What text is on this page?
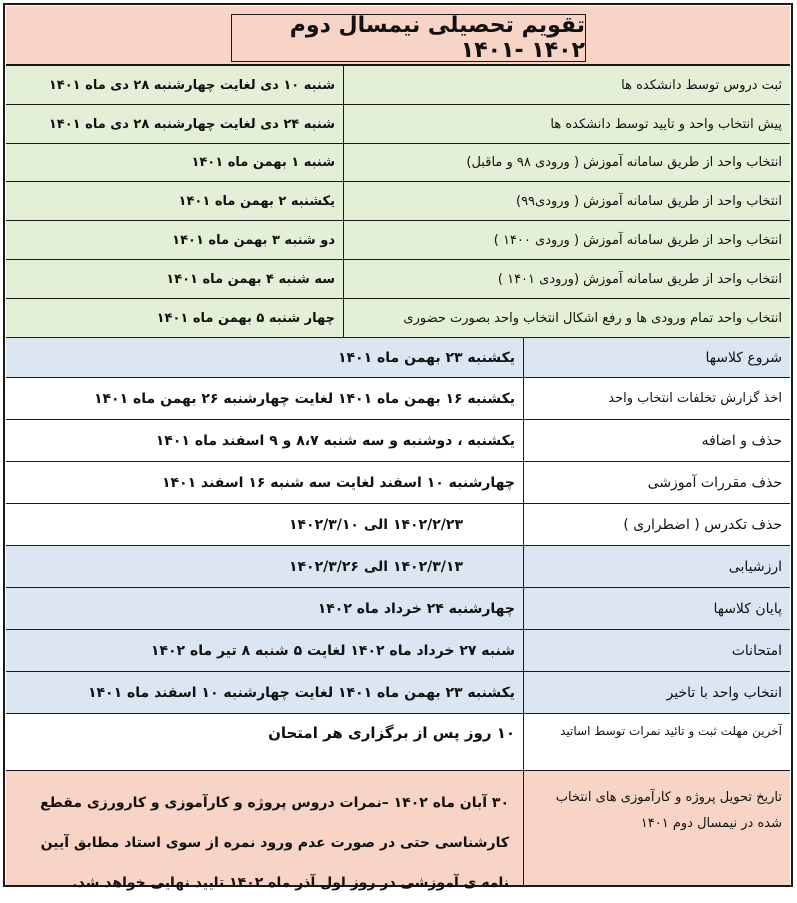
تقویم تحصیلی نیمسال دوم ۱۴۰۲ -۱۴۰۱
ثبت دروس توسط دانشکده ها
شنبه ۱۰ دی لغایت چهارشنبه ۲۸ دی ماه ۱۴۰۱
پیش انتخاب واحد و تایید توسط دانشکده ها
شنبه ۲۴ دی لغایت چهارشنبه ۲۸ دی ماه ۱۴۰۱
انتخاب واحد از طریق سامانه آموزش ( ورودی ۹۸ و ماقبل)
شنبه ۱ بهمن ماه ۱۴۰۱
انتخاب واحد از طریق سامانه آموزش ( ورودی۹۹)
یکشنبه ۲ بهمن ماه ۱۴۰۱
انتخاب واحد از طریق سامانه آموزش ( ورودی ۱۴۰۰ )
دو شنبه ۳ بهمن ماه ۱۴۰۱
انتخاب واحد از طریق سامانه آموزش (ورودی ۱۴۰۱ )
سه شنبه ۴ بهمن ماه ۱۴۰۱
انتخاب واحد تمام ورودی ها و رفع اشکال انتخاب واحد بصورت حضوری
چهار شنبه ۵ بهمن ماه ۱۴۰۱
شروع کلاسها
یکشنبه ۲۳ بهمن ماه ۱۴۰۱
اخذ گزارش تخلفات انتخاب واحد
یکشنبه ۱۶ بهمن ماه ۱۴۰۱ لغایت چهارشنبه ۲۶ بهمن ماه ۱۴۰۱
حذف و اضافه
یکشنبه ، دوشنبه و سه شنبه ۸،۷ و ۹ اسفند ماه ۱۴۰۱
حذف مقررات آموزشی
چهارشنبه ۱۰ اسفند لغایت سه شنبه ۱۶ اسفند ۱۴۰۱
حذف تکدرس ( اضطراری )
۱۴۰۲/۲/۲۳ الی ۱۴۰۲/۳/۱۰
ارزشیابی
۱۴۰۲/۳/۱۳ الی ۱۴۰۲/۳/۲۶
پایان کلاسها
چهارشنبه ۲۴ خرداد ماه ۱۴۰۲
امتحانات
شنبه ۲۷ خرداد ماه ۱۴۰۲ لغایت ۵ شنبه ۸ تیر ماه ۱۴۰۲
انتخاب واحد با تاخیر
یکشنبه ۲۳ بهمن ماه ۱۴۰۱ لغایت چهارشنبه ۱۰ اسفند ماه ۱۴۰۱
آخرین مهلت ثبت و تائید نمرات توسط اساتید
۱۰ روز پس از برگزاری هر امتحان
تاریخ تحویل پروژه و کارآموزی های انتخاب شده در نیمسال دوم ۱۴۰۱
۳۰ آبان ماه ۱۴۰۲ –نمرات دروس پروژه و کارآموزی و کارورزی مقطع کارشناسی حتی در صورت عدم ورود نمره از سوی استاد مطابق آیین نامه ی آموزشی در روز اول آذر ماه ۱۴۰۲ تایید نهایی خواهد شد.
